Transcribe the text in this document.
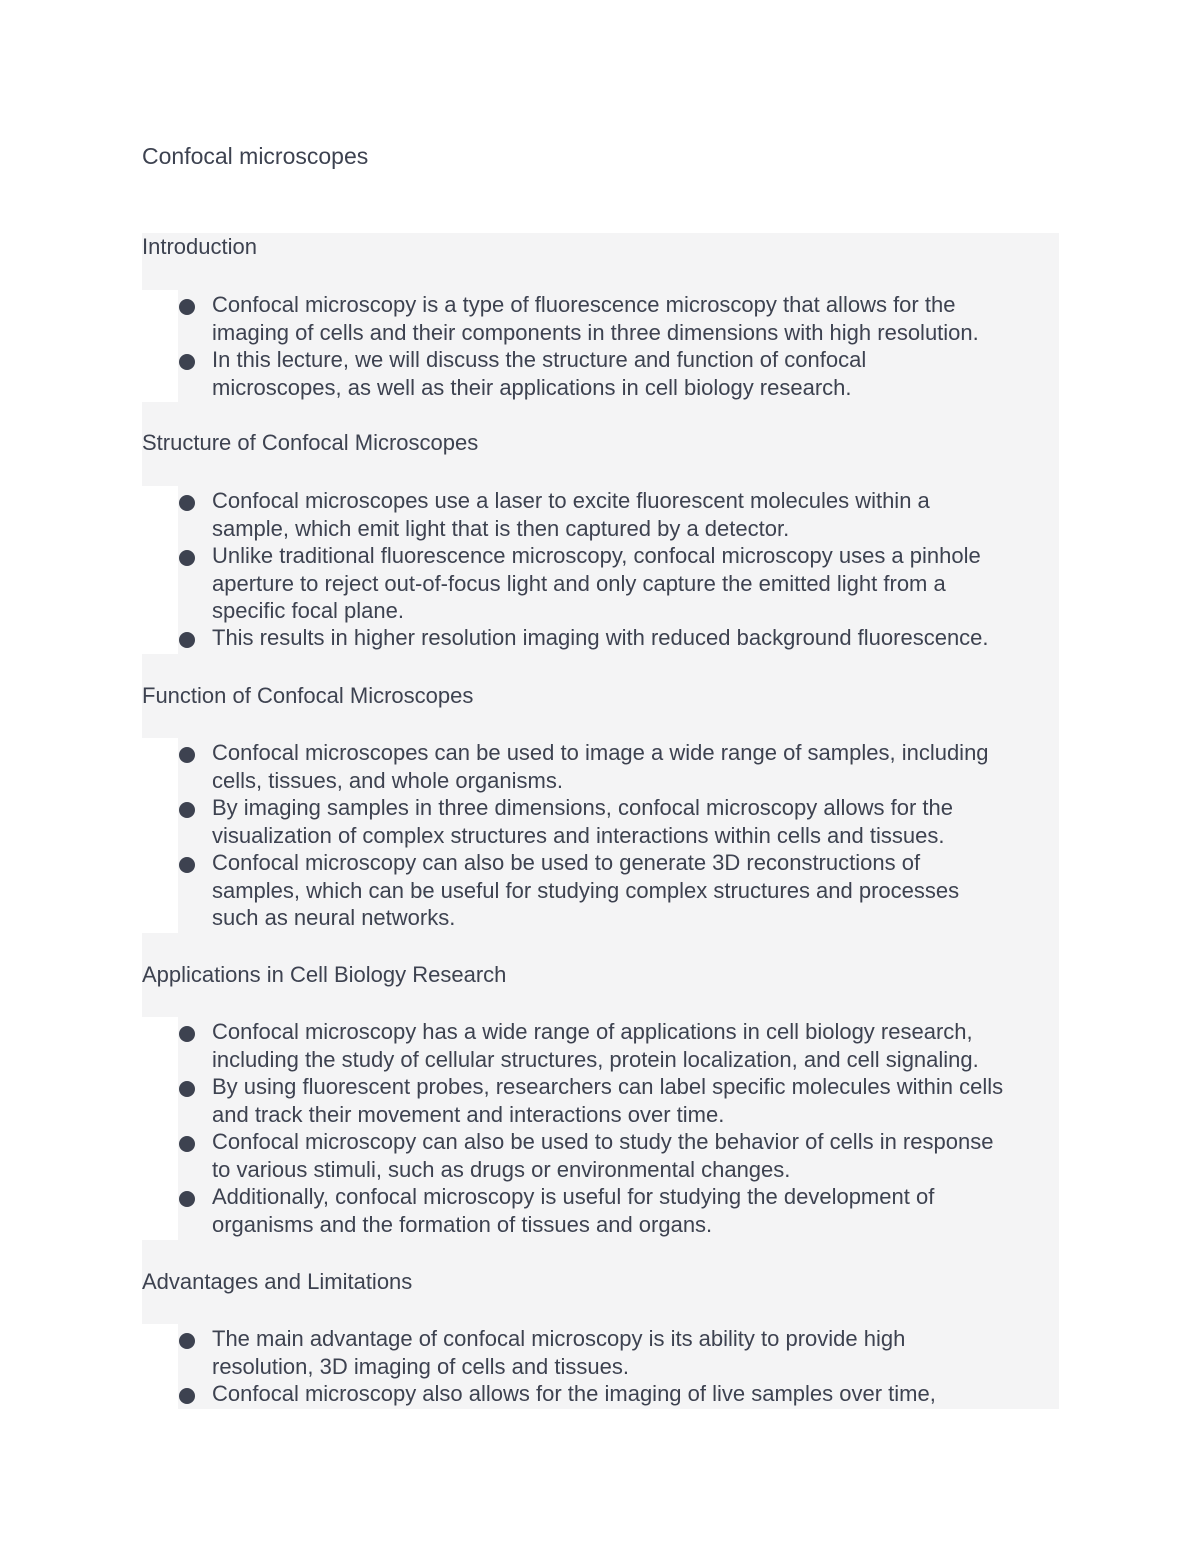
Confocal microscopes
Introduction
Confocal microscopy is a type of fluorescence microscopy that allows for the
imaging of cells and their components in three dimensions with high resolution.
In this lecture, we will discuss the structure and function of confocal
microscopes, as well as their applications in cell biology research.
Structure of Confocal Microscopes
Confocal microscopes use a laser to excite fluorescent molecules within a
sample, which emit light that is then captured by a detector.
Unlike traditional fluorescence microscopy, confocal microscopy uses a pinhole
aperture to reject out-of-focus light and only capture the emitted light from a
specific focal plane.
This results in higher resolution imaging with reduced background fluorescence.
Function of Confocal Microscopes
Confocal microscopes can be used to image a wide range of samples, including
cells, tissues, and whole organisms.
By imaging samples in three dimensions, confocal microscopy allows for the
visualization of complex structures and interactions within cells and tissues.
Confocal microscopy can also be used to generate 3D reconstructions of
samples, which can be useful for studying complex structures and processes
such as neural networks.
Applications in Cell Biology Research
Confocal microscopy has a wide range of applications in cell biology research,
including the study of cellular structures, protein localization, and cell signaling.
By using fluorescent probes, researchers can label specific molecules within cells
and track their movement and interactions over time.
Confocal microscopy can also be used to study the behavior of cells in response
to various stimuli, such as drugs or environmental changes.
Additionally, confocal microscopy is useful for studying the development of
organisms and the formation of tissues and organs.
Advantages and Limitations
The main advantage of confocal microscopy is its ability to provide high
resolution, 3D imaging of cells and tissues.
Confocal microscopy also allows for the imaging of live samples over time,
